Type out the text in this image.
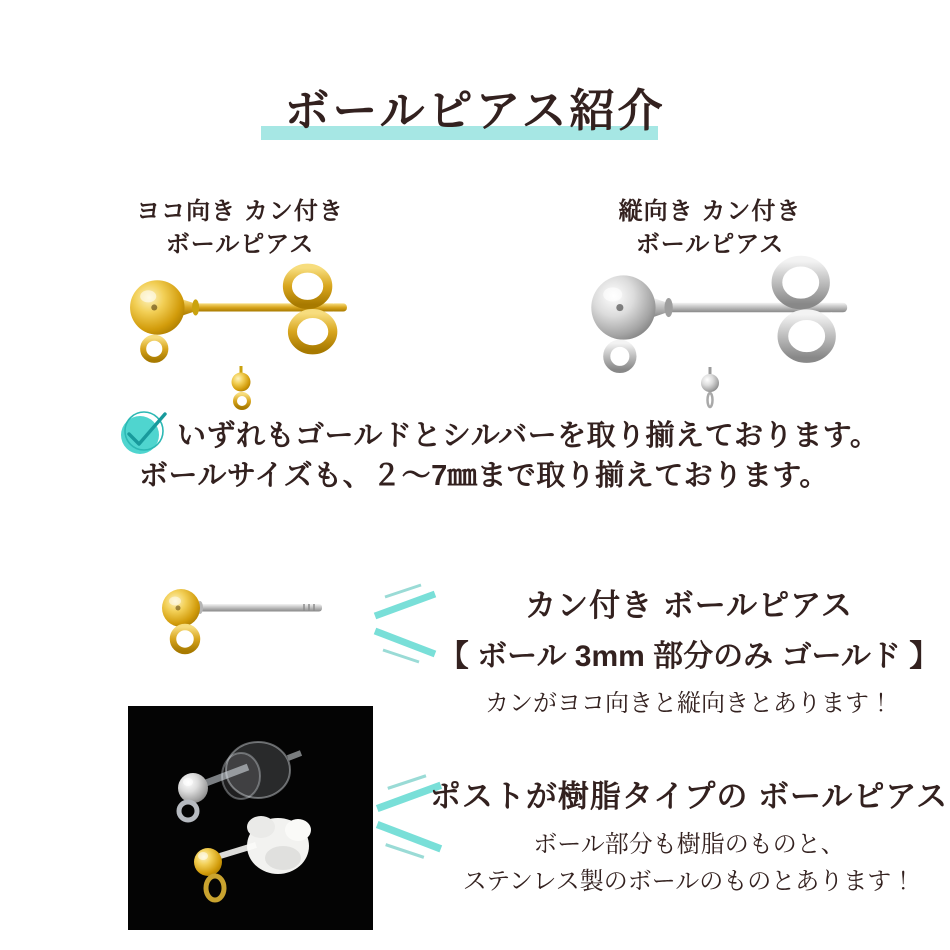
ボールピアス紹介
ヨコ向き カン付き
ボールピアス
縦向き カン付き
ボールピアス
いずれもゴールドとシルバーを取り揃えております。
ボールサイズも、２～7㎜まで取り揃えております。
カン付き ボールピアス
【 ボール 3mm 部分のみ ゴールド 】
カンがヨコ向きと縦向きとあります！
ポストが樹脂タイプの ボールピアス
ボール部分も樹脂のものと、
ステンレス製のボールのものとあります！
